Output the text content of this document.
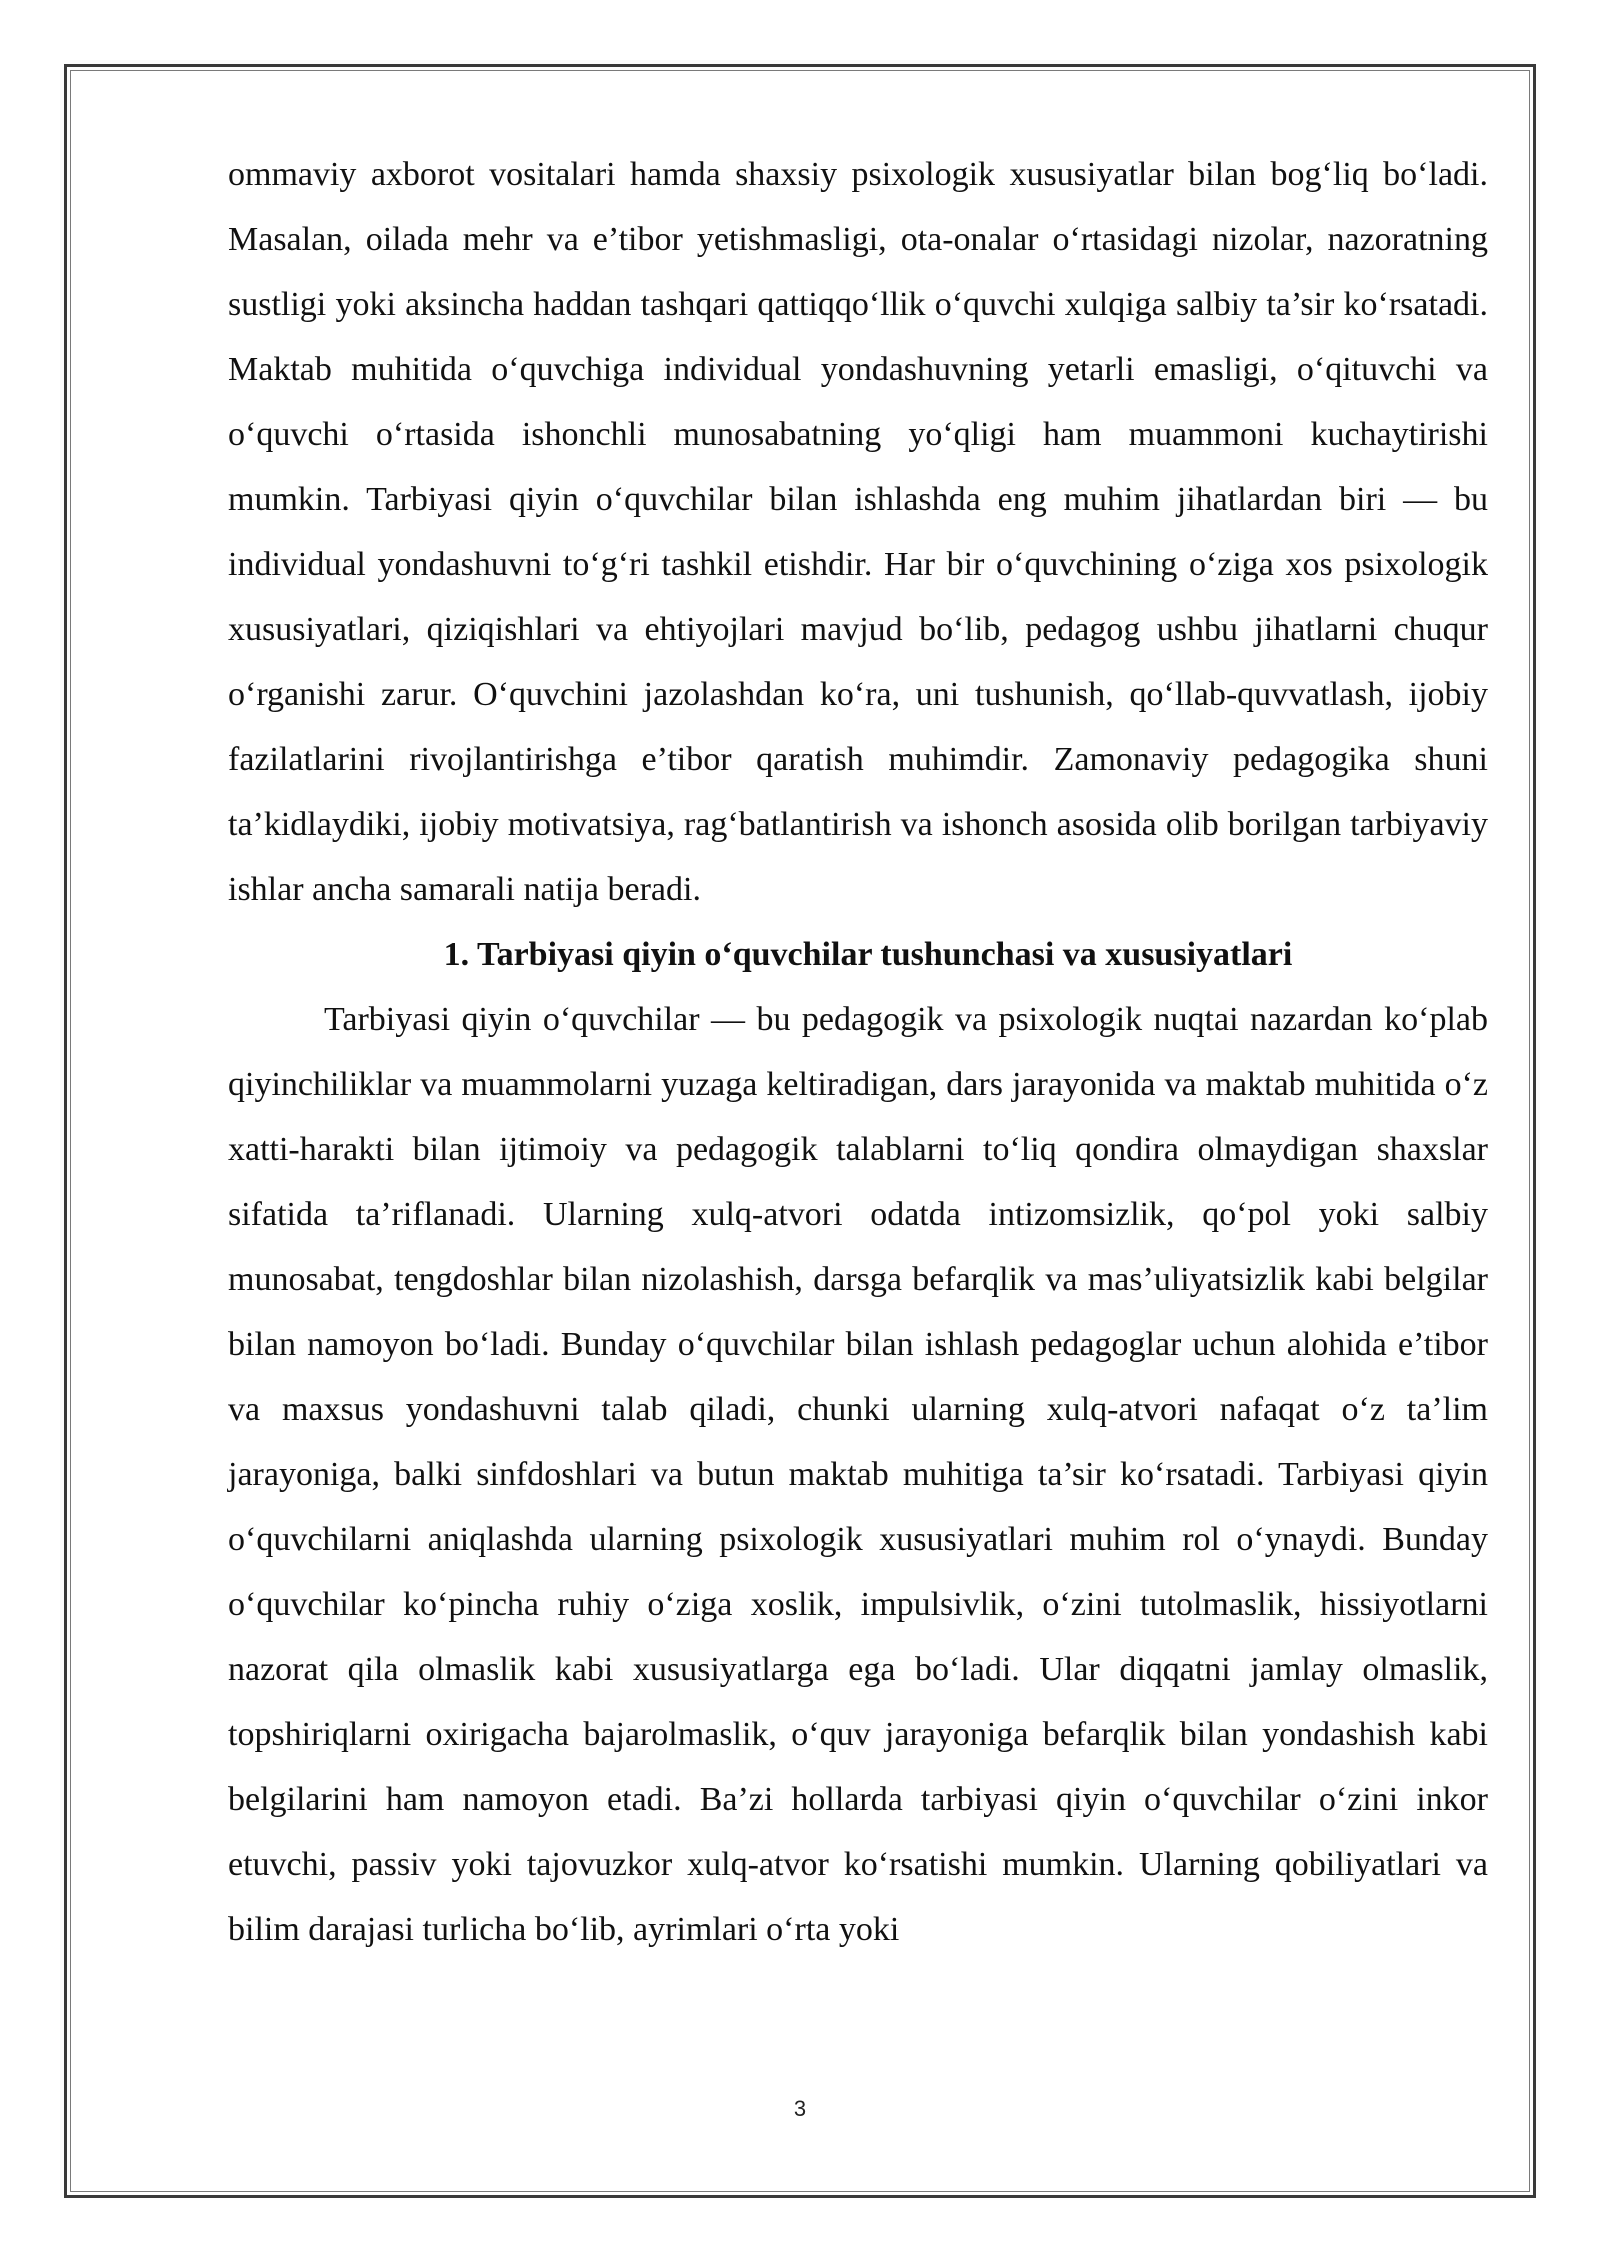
ommaviy axborot vositalari hamda shaxsiy psixologik xususiyatlar bilan bog‘liq bo‘ladi. Masalan, oilada mehr va e’tibor yetishmasligi, ota-onalar o‘rtasidagi nizolar, nazoratning sustligi yoki aksincha haddan tashqari qattiqqo‘llik o‘quvchi xulqiga salbiy ta’sir ko‘rsatadi. Maktab muhitida o‘quvchiga individual yondashuvning yetarli emasligi, o‘qituvchi va o‘quvchi o‘rtasida ishonchli munosabatning yo‘qligi ham muammoni kuchaytirishi mumkin. Tarbiyasi qiyin o‘quvchilar bilan ishlashda eng muhim jihatlardan biri — bu individual yondashuvni to‘g‘ri tashkil etishdir. Har bir o‘quvchining o‘ziga xos psixologik xususiyatlari, qiziqishlari va ehtiyojlari mavjud bo‘lib, pedagog ushbu jihatlarni chuqur o‘rganishi zarur. O‘quvchini jazolashdan ko‘ra, uni tushunish, qo‘llab-quvvatlash, ijobiy fazilatlarini rivojlantirishga e’tibor qaratish muhimdir. Zamonaviy pedagogika shuni ta’kidlaydiki, ijobiy motivatsiya, rag‘batlantirish va ishonch asosida olib borilgan tarbiyaviy ishlar ancha samarali natija beradi.

1. Tarbiyasi qiyin o‘quvchilar tushunchasi va xususiyatlari

Tarbiyasi qiyin o‘quvchilar — bu pedagogik va psixologik nuqtai nazardan ko‘plab qiyinchiliklar va muammolarni yuzaga keltiradigan, dars jarayonida va maktab muhitida o‘z xatti-harakti bilan ijtimoiy va pedagogik talablarni to‘liq qondira olmaydigan shaxslar sifatida ta’riflanadi. Ularning xulq-atvori odatda intizomsizlik, qo‘pol yoki salbiy munosabat, tengdoshlar bilan nizolashish, darsga befarqlik va mas’uliyatsizlik kabi belgilar bilan namoyon bo‘ladi. Bunday o‘quvchilar bilan ishlash pedagoglar uchun alohida e’tibor va maxsus yondashuvni talab qiladi, chunki ularning xulq-atvori nafaqat o‘z ta’lim jarayoniga, balki sinfdoshlari va butun maktab muhitiga ta’sir ko‘rsatadi. Tarbiyasi qiyin o‘quvchilarni aniqlashda ularning psixologik xususiyatlari muhim rol o‘ynaydi. Bunday o‘quvchilar ko‘pincha ruhiy o‘ziga xoslik, impulsivlik, o‘zini tutolmaslik, hissiyotlarni nazorat qila olmaslik kabi xususiyatlarga ega bo‘ladi. Ular diqqatni jamlay olmaslik, topshiriqlarni oxirigacha bajarolmaslik, o‘quv jarayoniga befarqlik bilan yondashish kabi belgilarini ham namoyon etadi. Ba’zi hollarda tarbiyasi qiyin o‘quvchilar o‘zini inkor etuvchi, passiv yoki tajovuzkor xulq-atvor ko‘rsatishi mumkin. Ularning qobiliyatlari va bilim darajasi turlicha bo‘lib, ayrimlari o‘rta yoki

3
